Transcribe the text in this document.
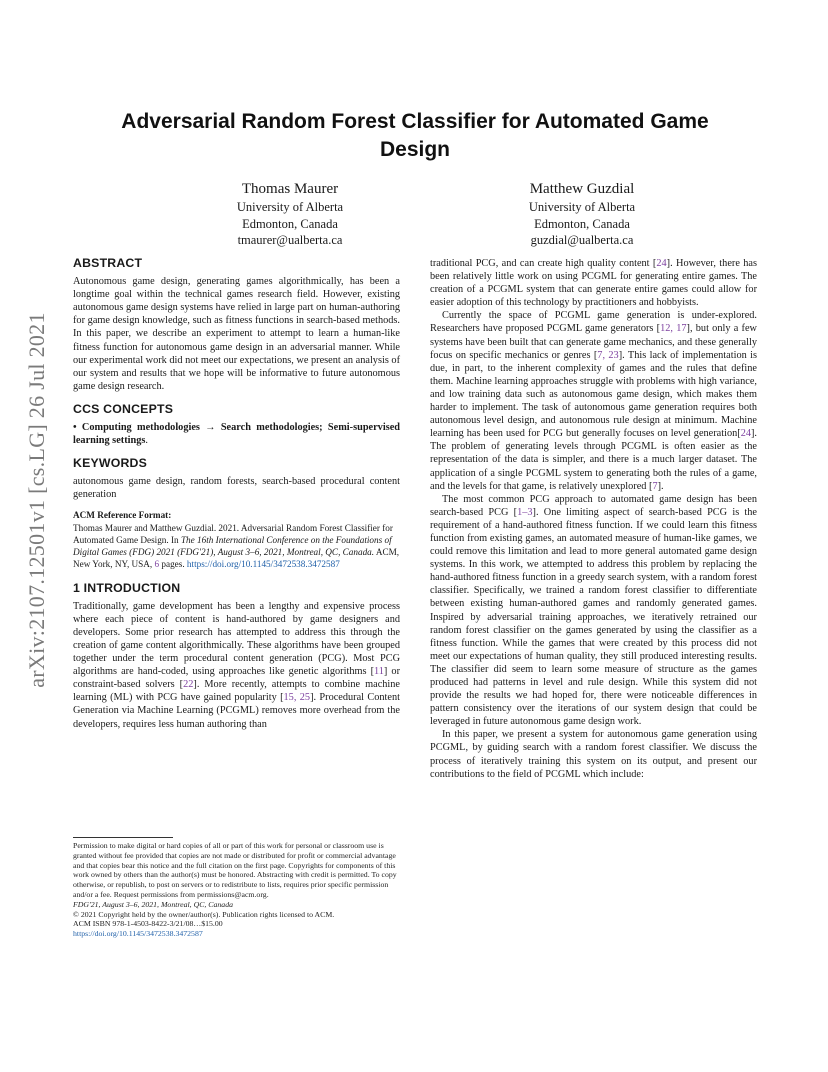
arXiv:2107.12501v1 [cs.LG] 26 Jul 2021
Adversarial Random Forest Classifier for Automated Game Design
Thomas Maurer
University of Alberta
Edmonton, Canada
tmaurer@ualberta.ca
Matthew Guzdial
University of Alberta
Edmonton, Canada
guzdial@ualberta.ca
ABSTRACT

Autonomous game design, generating games algorithmically, has been a longtime goal within the technical games research field. However, existing autonomous game design systems have relied in large part on human-authoring for game design knowledge, such as fitness functions in search-based methods. In this paper, we describe an experiment to attempt to learn a human-like fitness function for autonomous game design in an adversarial manner. While our experimental work did not meet our expectations, we present an analysis of our system and results that we hope will be informative to future autonomous game design research.

CCS CONCEPTS

• Computing methodologies → Search methodologies; Semi-supervised learning settings.

KEYWORDS

autonomous game design, random forests, search-based procedural content generation

ACM Reference Format:

Thomas Maurer and Matthew Guzdial. 2021. Adversarial Random Forest Classifier for Automated Game Design. In The 16th International Conference on the Foundations of Digital Games (FDG) 2021 (FDG'21), August 3–6, 2021, Montreal, QC, Canada. ACM, New York, NY, USA, 6 pages. https://doi.org/10.1145/3472538.3472587

1 INTRODUCTION

Traditionally, game development has been a lengthy and expensive process where each piece of content is hand-authored by game designers and developers. Some prior research has attempted to address this through the creation of game content algorithmically. These algorithms have been grouped together under the term procedural content generation (PCG). Most PCG algorithms are hand-coded, using approaches like genetic algorithms [11] or constraint-based solvers [22]. More recently, attempts to combine machine learning (ML) with PCG have gained popularity [15, 25]. Procedural Content Generation via Machine Learning (PCGML) removes more overhead from the developers, requires less human authoring than

Permission to make digital or hard copies of all or part of this work for personal or classroom use is granted without fee provided that copies are not made or distributed for profit or commercial advantage and that copies bear this notice and the full citation on the first page. Copyrights for components of this work owned by others than the author(s) must be honored. Abstracting with credit is permitted. To copy otherwise, or republish, to post on servers or to redistribute to lists, requires prior specific permission and/or a fee. Request permissions from permissions@acm.org.
FDG'21, August 3–6, 2021, Montreal, QC, Canada
© 2021 Copyright held by the owner/author(s). Publication rights licensed to ACM.
ACM ISBN 978-1-4503-8422-3/21/08…$15.00
https://doi.org/10.1145/3472538.3472587

traditional PCG, and can create high quality content [24]. However, there has been relatively little work on using PCGML for generating entire games. The creation of a PCGML system that can generate entire games could allow for easier adoption of this technology by practitioners and hobbyists.

Currently the space of PCGML game generation is under-explored. Researchers have proposed PCGML game generators [12, 17], but only a few systems have been built that can generate game mechanics, and these generally focus on specific mechanics or genres [7, 23]. This lack of implementation is due, in part, to the inherent complexity of games and the rules that define them. Machine learning approaches struggle with problems with high variance, and low training data such as autonomous game design, which makes them harder to implement. The task of autonomous game generation requires both autonomous level design, and autonomous rule design at minimum. Machine learning has been used for PCG but generally focuses on level generation[24]. The problem of generating levels through PCGML is often easier as the representation of the data is simpler, and there is a much larger dataset. The application of a single PCGML system to generating both the rules of a game, and the levels for that game, is relatively unexplored [7].

The most common PCG approach to automated game design has been search-based PCG [1–3]. One limiting aspect of search-based PCG is the requirement of a hand-authored fitness function. If we could learn this fitness function from existing games, an automated measure of human-like games, we could remove this limitation and lead to more general automated game design systems. In this work, we attempted to address this problem by replacing the hand-authored fitness function in a greedy search system, with a random forest classifier. Specifically, we trained a random forest classifier to differentiate between existing human-authored games and randomly generated games. Inspired by adversarial training approaches, we iteratively retrained our random forest classifier on the games generated by using the classifier as a fitness function. While the games that were created by this process did not meet our expectations of human quality, they still produced interesting results. The classifier did seem to learn some measure of structure as the games produced had patterns in level and rule design. While this system did not provide the results we had hoped for, there were noticeable differences in pattern consistency over the iterations of our system design that could be leveraged in future autonomous game design work.

In this paper, we present a system for autonomous game generation using PCGML, by guiding search with a random forest classifier. We discuss the process of iteratively training this system on its output, and present our contributions to the field of PCGML which include:
